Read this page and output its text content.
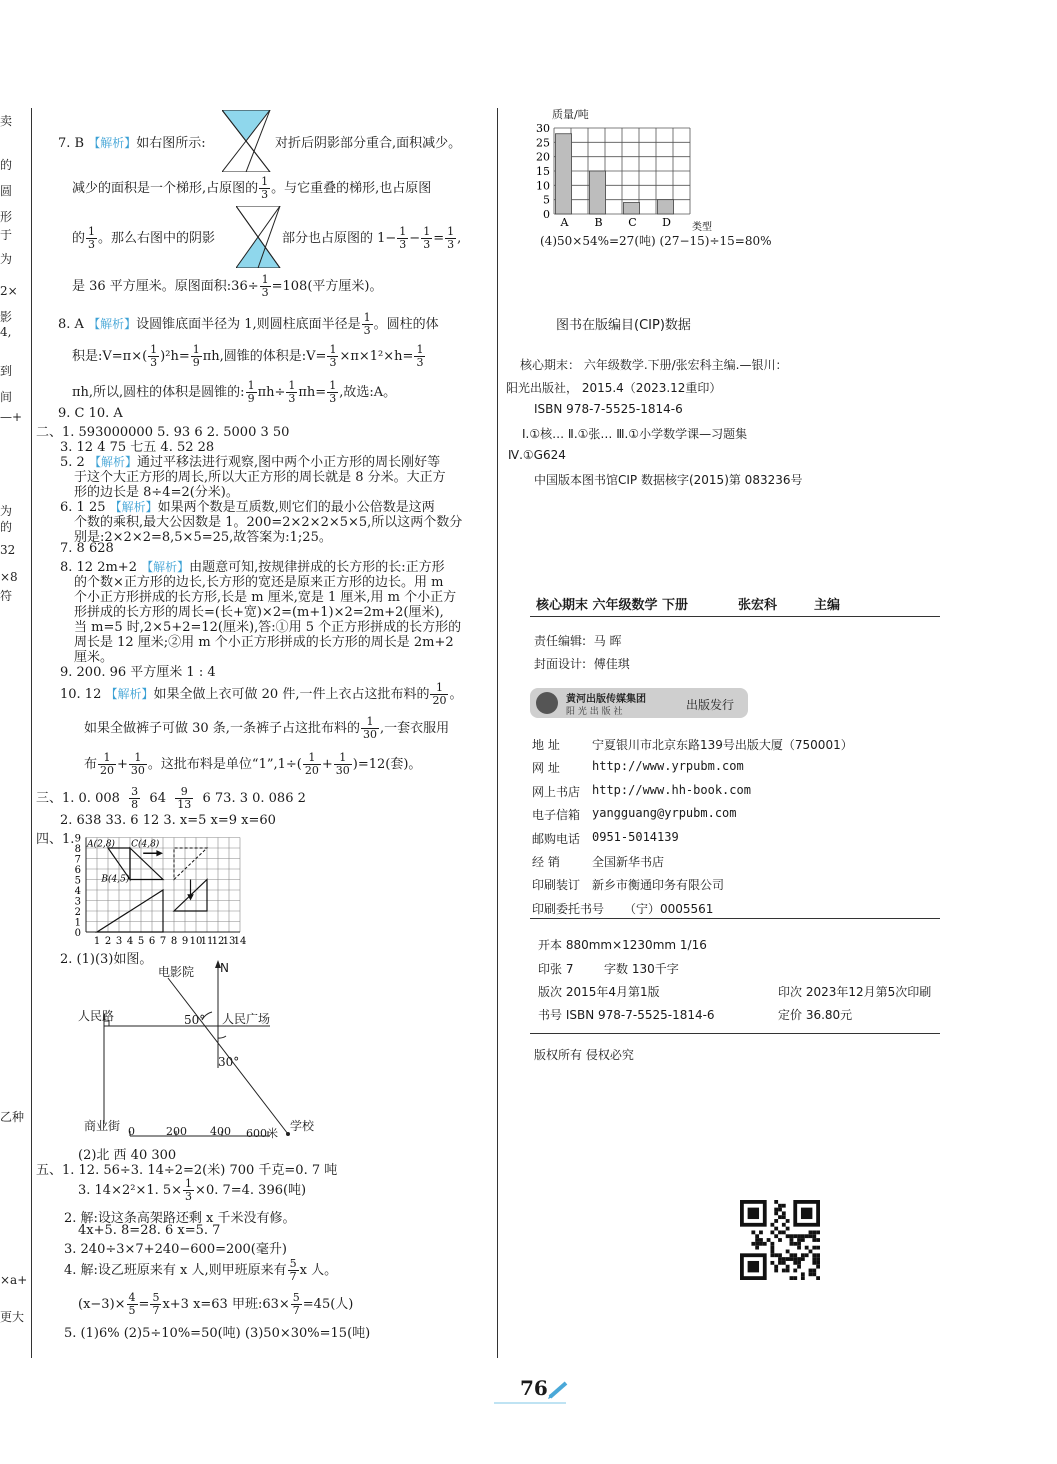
卖
的
圆
形
于
为
2×
4,
影
到
间
—+
为
的
32
×8
符
乙种
×a+
更大
7. B 【解析】如右图所示:	对折后阴影部分重合,面积减少。
减少的面积是一个梯形,占原图的 $\frac{1}{3}$ 。与它重叠的梯形,也占原图
的 $\frac{1}{3}$ 。那么右图中的阴影	部分也占原图的 $1- \frac{1}{3} - \frac{1}{3} = \frac{1}{3}$ ,
是 36 平方厘米。原图面积:36÷ $\frac{1}{3} =108$(平方厘米)。
8. A 【解析】设圆锥底面半径为 1,则圆柱底面半径是 $\frac{1}{3}$ 。圆柱的体
积是:V=π×( $\frac{1}{3} )^2h= \frac{1}{9} \pi h$,圆锥的体积是:V= $\frac{1}{3} \times\pi\times 1^2\times h= \frac{1}{3}$
πh,所以,圆柱的体积是圆锥的: $\frac{1}{9} \pi h\div \frac{1}{3} \pi h= \frac{1}{3}$ ,故选:A。
9. C 10. A
二、1. 593000000 5. 93 6 2. 5000 3 50
3. 12 4 75 七五 4. 52 28
5. 2 【解析】通过平移法进行观察,图中两个小正方形的周长刚好等
于这个大正方形的周长,所以大正方形的周长就是 8 分米。大正方
形的边长是 8÷4=2(分米)。
6. 1 25 【解析】如果两个数是互质数,则它们的最小公倍数是这两
个数的乘积,最大公因数是 1。200=2×2×2×5×5,所以这两个数分
别是:2×2×2=8,5×5=25,故答案为:1;25。
7. 8 628
8. 12 2m+2 【解析】由题意可知,按规律拼成的长方形的长:正方形
的个数×正方形的边长,长方形的宽还是原来正方形的边长。用 m
个小正方形拼成的长方形,长是 m 厘米,宽是 1 厘米,用 m 个小正方
形拼成的长方形的周长=(长+宽)×2=(m+1)×2=2m+2(厘米),
当 m=5 时,2×5+2=12(厘米),答:①用 5 个正方形拼成的长方形的
周长是 12 厘米;②用 m 个小正方形拼成的长方形的周长是 2m+2
厘米。
9. 200. 96 平方厘米 1 : 4
10. 12 【解析】如果全做上衣可做 20 件,一件上衣占这批布料的 $\frac{1}{20}$ 。
如果全做裤子可做 30 条,一条裤子占这批布料的 $\frac{1}{30}$ ,一套衣服用
布 $\frac{1}{20} + \frac{1}{30}$ 。这批布料是单位“1”,1÷( $\frac{1}{20} + \frac{1}{30} )=12$(套)。
三、1. 0. $008 \frac{3}{8} 64 \frac{9}{13} 6$ 73. 3 0. 086 2
2. 638 33. 6 12 3. x=5 x=9 x=60
四、1. 9
8
7
6
5
4
3
2
1
0
1 2 3 4 5 6 7 8 9 10
11
12
13
14
A(2,8) C(4,8)
B(4,5)
2. (1)(3)如图。
电影院 N
人民路	人民广场
50°
30°
商业街	学校
0	200 400 600米
(2)北 西 40 300
五、1. 12. 56÷3. 14÷2=2(米) 700 千克=0. 7 吨
3. 14×2²×1. $5\times \frac{1}{3} \times 0$. 7=4. 396(吨)
2. 解:设这条高架路还剩 x 千米没有修。
4x+5. 8=28. 6 x=5. 7
3. 240÷3×7+240−600=200(毫升)
4. 解:设乙班原来有 x 人,则甲班原来有 $\frac{5}{7}$ x 人。
$(x-3)\times \frac{4}{5} = \frac{5}{7} x+3$ x=63 甲班:63× $\frac{5}{7} =45$(人)
5. (1)6% (2)5÷10%=50(吨) (3)50×30%=15(吨)
质量/吨
30
25
20
15
10
5
0
A B C D 类型
(4)50×54%=27(吨) (27−15)÷15=80%
图书在版编目(CIP)数据
核心期末： 六年级数学.下册/张宏科主编.—银川：
阳光出版社， 2015.4（2023.12重印）
ISBN 978-7-5525-1814-6
Ⅰ.①核… Ⅱ.①张… Ⅲ.①小学数学课—习题集
Ⅳ.①G624
中国版本图书馆CIP 数据核字(2015)第 083236号
核心期末 六年级数学 下册	张宏科	主编
责任编辑: 马 晖
封面设计: 傅佳琪
黄河出版传媒集团
阳 光 出 版 社	出版发行
地 址	宁夏银川市北京东路139号出版大厦（750001）
网 址	http://www.yrpubm.com
网上书店 http://www.hh-book.com
电子信箱 yangguang@yrpubm.com
邮购电话 0951-5014139
经 销	全国新华书店
印刷装订 新乡市衡通印务有限公司
印刷委托书号 （宁）0005561
开本 880mm×1230mm 1/16
印张 7	字数 130千字
版次 2015年4月第1版	印次 2023年12月第5次印刷
书号 ISBN 978-7-5525-1814-6	定价 36.80元
版权所有 侵权必究
76
